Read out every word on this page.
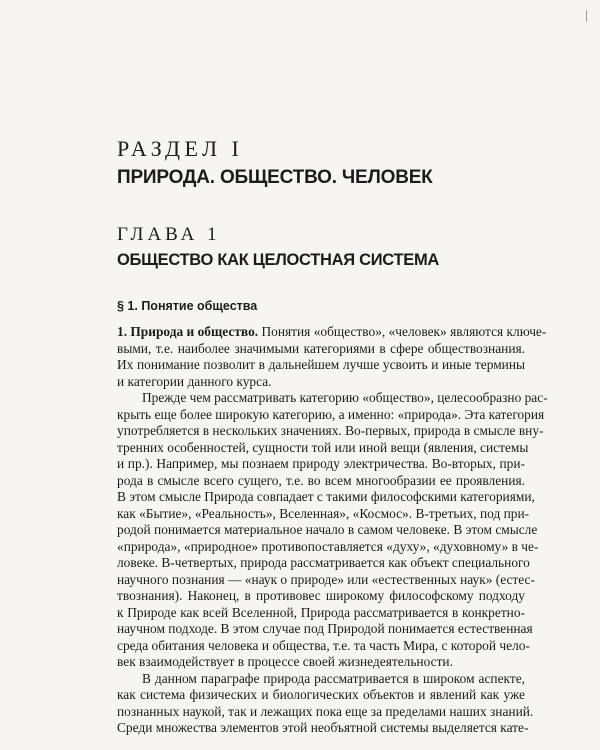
РАЗДЕЛ I
ПРИРОДА. ОБЩЕСТВО. ЧЕЛОВЕК
ГЛАВА 1
ОБЩЕСТВО КАК ЦЕЛОСТНАЯ СИСТЕМА
§ 1. Понятие общества
1. Природа и общество. Понятия «общество», «человек» являются ключе-
выми, т.е. наиболее значимыми категориями в сфере обществознания.
Их понимание позволит в дальнейшем лучше усвоить и иные термины
и категории данного курса.
Прежде чем рассматривать категорию «общество», целесообразно рас-
крыть еще более широкую категорию, а именно: «природа». Эта категория
употребляется в нескольких значениях. Во-первых, природа в смысле вну-
тренних особенностей, сущности той или иной вещи (явления, системы
и пр.). Например, мы познаем природу электричества. Во-вторых, при-
рода в смысле всего сущего, т.е. во всем многообразии ее проявления.
В этом смысле Природа совпадает с такими философскими категориями,
как «Бытие», «Реальность», Вселенная», «Космос». В-третьих, под при-
родой понимается материальное начало в самом человеке. В этом смысле
«природа», «природное» противопоставляется «духу», «духовному» в че-
ловеке. В-четвертых, природа рассматривается как объект специального
научного познания — «наук о природе» или «естественных наук» (естес-
твознания). Наконец, в противовес широкому философскому подходу
к Природе как всей Вселенной, Природа рассматривается в конкретно-
научном подходе. В этом случае под Природой понимается естественная
среда обитания человека и общества, т.е. та часть Мира, с которой чело-
век взаимодействует в процессе своей жизнедеятельности.
В данном параграфе природа рассматривается в широком аспекте,
как система физических и биологических объектов и явлений как уже
познанных наукой, так и лежащих пока еще за пределами наших знаний.
Среди множества элементов этой необъятной системы выделяется кате-
